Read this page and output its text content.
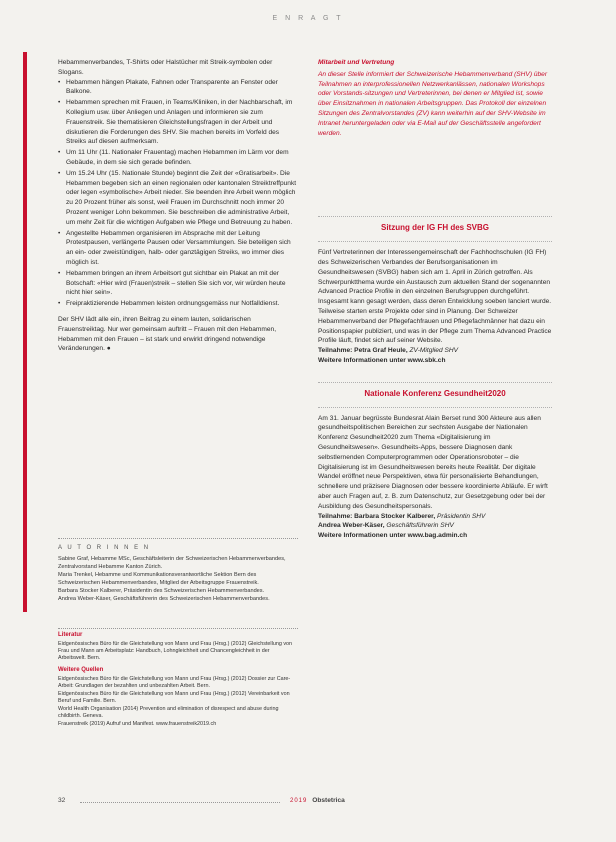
E N R A G T

Hebammenverbandes, T-Shirts oder Halstücher mit Streik-symbolen oder Slogans.

• Hebammen hängen Plakate, Fahnen oder Transparente an Fenster oder Balkone.
• Hebammen sprechen mit Frauen, in Teams/Kliniken, in der Nachbarschaft, im Kollegium usw. über Anliegen und Anlagen und informieren sie zum Frauenstreik. Sie thematisieren Gleichstellungsfragen in der Arbeit und diskutieren die Forderungen des SHV. Sie machen bereits im Vorfeld des Streiks auf diesen aufmerksam.
• Um 11 Uhr (11. Nationaler Frauentag) machen Hebammen im Lärm vor dem Gebäude, in dem sie sich gerade befinden.
• Um 15.24 Uhr (15. Nationale Stunde) beginnt die Zeit der «Gratisarbeit». Die Hebammen begeben sich an einen regionalen oder kantonalen Streiktreffpunkt oder legen «symbolische» Arbeit nieder. Sie beenden ihre Arbeit wenn möglich zu 20 Prozent früher als sonst, weil Frauen im Durchschnitt noch immer 20 Prozent weniger Lohn bekommen. Sie beschreiben die administrative Arbeit, um mehr Zeit für die wichtigen Aufgaben wie Pflege und Betreuung zu haben.
• Angestellte Hebammen organisieren im Absprache mit der Leitung Protestpausen, verlängerte Pausen oder Versammlungen. Sie beteiligen sich an ein- oder zweistündigen, halb- oder ganztägigen Streiks, wo immer dies möglich ist.
• Hebammen bringen an ihrem Arbeitsort gut sichtbar ein Plakat an mit der Botschaft: «Hier wird (Frauen)streik – stellen Sie sich vor, wir würden heute nicht hier sein».
• Freipraktizierende Hebammen leisten ordnungsgemäss nur Notfalldienst.

Der SHV lädt alle ein, ihren Beitrag zu einem lauten, solidarischen Frauenstreiktag. Nur wer gemeinsam auftritt – Frauen mit den Hebammen, Hebammen mit den Frauen – ist stark und erwirkt dringend notwendige Veränderungen. ●

A U T O R I N N E N

Sabine Graf, Hebamme MSc, Geschäftsleiterin der Schweizerischen Hebammenverbandes, Zentralvorstand Hebamme Kanton Zürich.

Maria Trenkel, Hebamme und Kommunikationsverantwortliche Sektion Bern des Schweizerischen Hebammenverbandes, Mitglied der Arbeitsgruppe Frauenstreik.

Barbara Stocker Kalberer, Präsidentin des Schweizerischen Hebammenverbandes.

Andrea Weber-Käser, Geschäftsführerin des Schweizerischen Hebammenverbandes.

Literatur

Eidgenössisches Büro für die Gleichstellung von Mann und Frau (Hrsg.) (2012) Gleichstellung von Frau und Mann am Arbeitsplatz: Handbuch, Lohngleichheit und Chancengleichheit in der Arbeitswelt. Bern.

Weitere Quellen

Eidgenössisches Büro für die Gleichstellung von Mann und Frau (Hrsg.) (2012) Dossier zur Care-Arbeit: Grundlagen der bezahlten und unbezahlten Arbeit. Bern.

Eidgenössisches Büro für die Gleichstellung von Mann und Frau (Hrsg.) (2012) Vereinbarkeit von Beruf und Familie. Bern.

World Health Organisation (2014) Prevention and elimination of disrespect and abuse during childbirth. Geneva.

Frauenstreik (2019) Aufruf und Manifest. www.frauenstreik2019.ch

Mitarbeit und Vertretung
An dieser Stelle informiert der Schweizerische Hebammenverband (SHV) über Teilnahmen an interprofessionellen Netzwerkanlässen, nationalen Workshops oder Vorstands-sitzungen und Vertreterinnen, bei denen er Mitglied ist, sowie über Einsitznahmen in nationalen Arbeitsgruppen. Das Protokoll der einzelnen Sitzungen des Zentralvorstandes (ZV) kann weiterhin auf der SHV-Website im Intranet heruntergeladen oder via E-Mail auf der Geschäftsstelle angefordert werden.
Sitzung der IG FH des SVBG

Fünf Vertreterinnen der Interessengemeinschaft der Fachhochschulen (IG FH) des Schweizerischen Verbandes der Berufsorganisationen im Gesundheitswesen (SVBG) haben sich am 1. April in Zürich getroffen. Als Schwerpunktthema wurde ein Austausch zum aktuellen Stand der sogenannten Advanced Practice Profile in den einzelnen Berufsgruppen durchgeführt. Insgesamt kann gesagt werden, dass deren Entwicklung soeben lanciert wurde. Teilweise starten erste Projekte oder sind in Planung. Der Schweizer Hebammenverband der Pflegefachfrauen und Pflegefachmänner hat dazu ein Positionspapier publiziert, und was in der Pflege zum Thema Advanced Practice Profile läuft, findet sich auf seiner Website.

Teilnahme: Petra Graf Heule, ZV-Mitglied SHV

Weitere Informationen unter www.sbk.ch

Nationale Konferenz Gesundheit2020

Am 31. Januar begrüsste Bundesrat Alain Berset rund 300 Akteure aus allen gesundheitspolitischen Bereichen zur sechsten Ausgabe der Nationalen Konferenz Gesundheit2020 zum Thema «Digitalisierung im Gesundheitswesen». Gesundheits-Apps, bessere Diagnosen dank selbstlernenden Computerprogrammen oder Operationsroboter – die Digitalisierung ist im Gesundheitswesen bereits heute Realität. Der digitale Wandel eröffnet neue Perspektiven, etwa für personalisierte Behandlungen, schnellere und präzisere Diagnosen oder bessere koordinierte Abläufe. Er wirft aber auch Fragen auf, z. B. zum Datenschutz, zur Gesetzgebung oder bei der Ausbildung des Gesundheitspersonals.

Teilnahme: Barbara Stocker Kalberer, Präsidentin SHV

Andrea Weber-Käser, Geschäftsführerin SHV

Weitere Informationen unter www.bag.admin.ch

32	2019 Obstetrica
